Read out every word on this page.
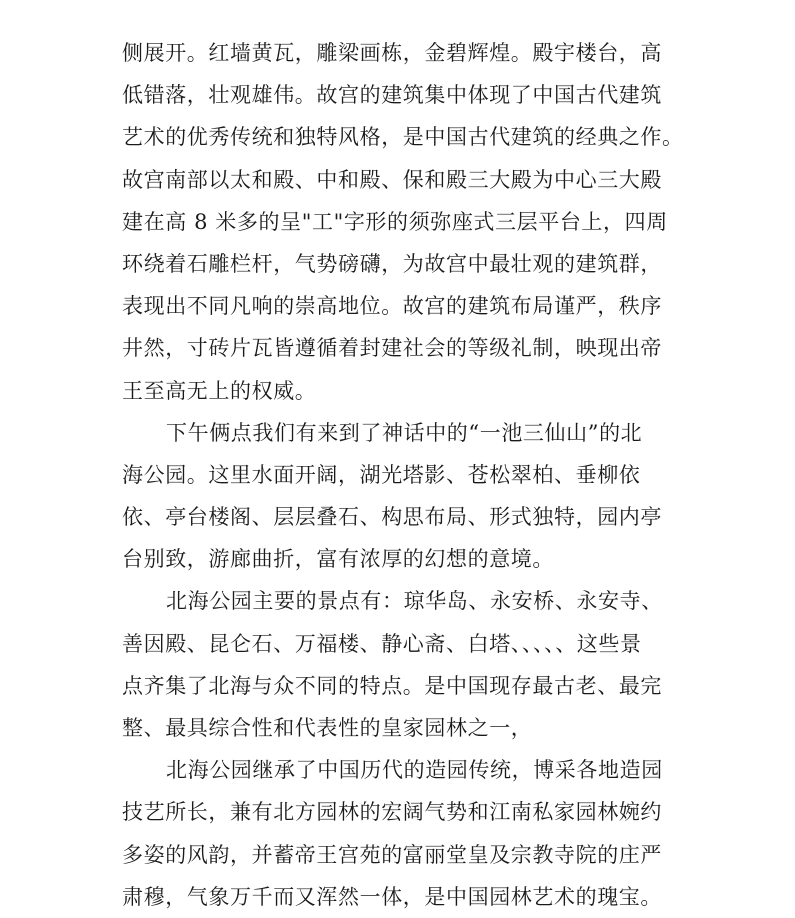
侧展开。红墙黄瓦，雕梁画栋，金碧辉煌。殿宇楼台，高
低错落，壮观雄伟。故宫的建筑集中体现了中国古代建筑
艺术的优秀传统和独特风格，是中国古代建筑的经典之作。
故宫南部以太和殿、中和殿、保和殿三大殿为中心三大殿
建在高 8 米多的呈"工"字形的须弥座式三层平台上，四周
环绕着石雕栏杆，气势磅礴，为故宫中最壮观的建筑群，
表现出不同凡响的崇高地位。故宫的建筑布局谨严，秩序
井然，寸砖片瓦皆遵循着封建社会的等级礼制，映现出帝
王至高无上的权威。
下午俩点我们有来到了神话中的“一池三仙山”的北
海公园。这里水面开阔，湖光塔影、苍松翠柏、垂柳依
依、亭台楼阁、层层叠石、构思布局、形式独特，园内亭
台别致，游廊曲折，富有浓厚的幻想的意境。
北海公园主要的景点有：琼华岛、永安桥、永安寺、
善因殿、昆仑石、万福楼、静心斋、白塔、、、、、这些景
点齐集了北海与众不同的特点。是中国现存最古老、最完
整、最具综合性和代表性的皇家园林之一，
北海公园继承了中国历代的造园传统，博采各地造园
技艺所长，兼有北方园林的宏阔气势和江南私家园林婉约
多姿的风韵，并蓄帝王宫苑的富丽堂皇及宗教寺院的庄严
肃穆，气象万千而又浑然一体，是中国园林艺术的瑰宝。
